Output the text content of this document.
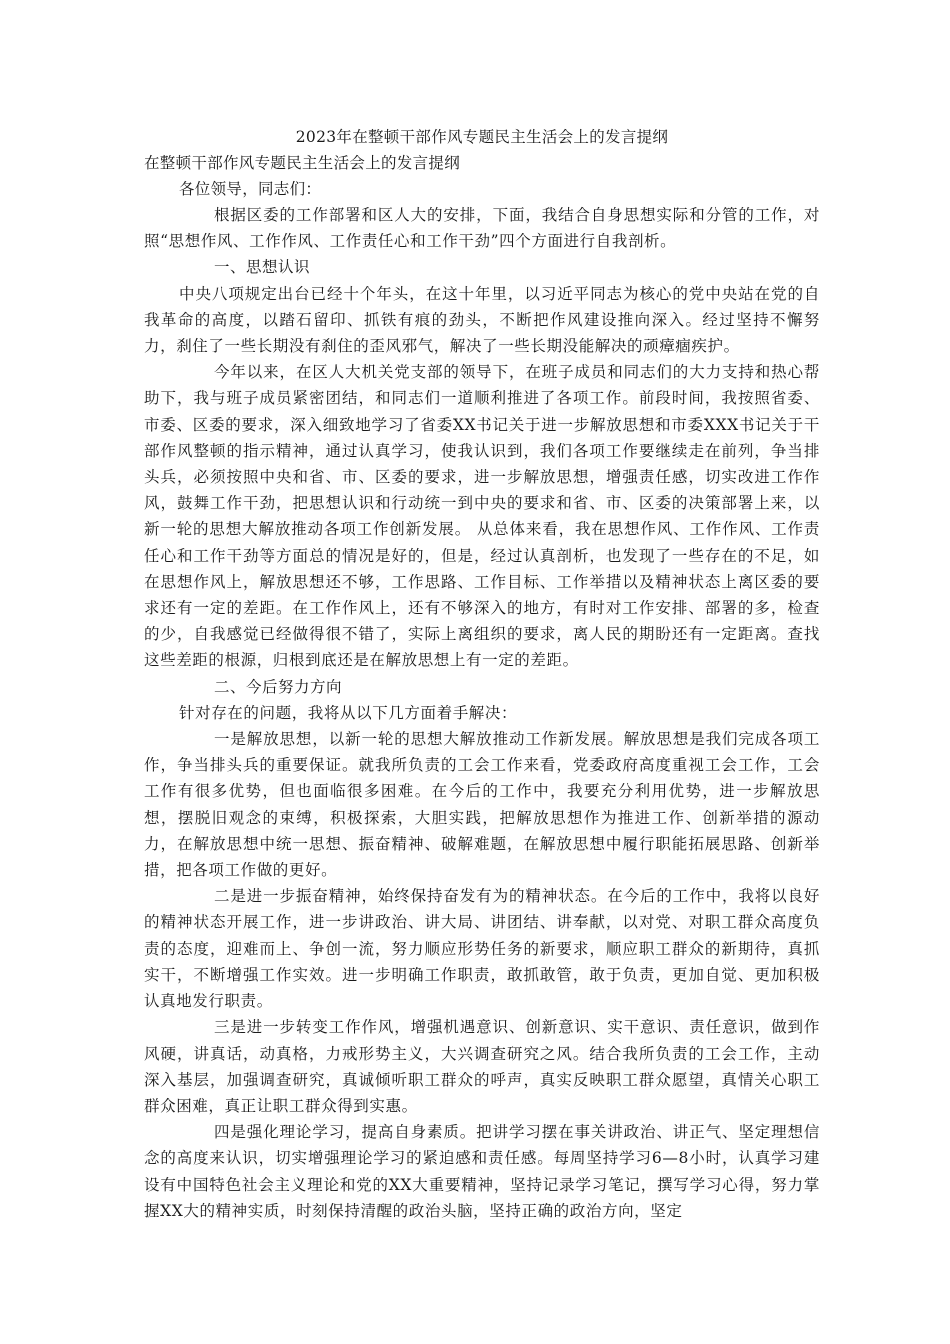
2023年在整顿干部作风专题民主生活会上的发言提纲

在整顿干部作风专题民主生活会上的发言提纲

各位领导，同志们：

根据区委的工作部署和区人大的安排，下面，我结合自身思想实际和分管的工作，对照“思想作风、工作作风、工作责任心和工作干劲”四个方面进行自我剖析。

一、思想认识

中央八项规定出台已经十个年头，在这十年里，以习近平同志为核心的党中央站在党的自我革命的高度，以踏石留印、抓铁有痕的劲头，不断把作风建设推向深入。经过坚持不懈努力，刹住了一些长期没有刹住的歪风邪气，解决了一些长期没能解决的顽瘴痼疾护。

今年以来，在区人大机关党支部的领导下，在班子成员和同志们的大力支持和热心帮助下，我与班子成员紧密团结，和同志们一道顺利推进了各项工作。前段时间，我按照省委、市委、区委的要求，深入细致地学习了省委XX书记关于进一步解放思想和市委XXX书记关于干部作风整顿的指示精神，通过认真学习，使我认识到，我们各项工作要继续走在前列，争当排头兵，必须按照中央和省、市、区委的要求，进一步解放思想，增强责任感，切实改进工作作风，鼓舞工作干劲，把思想认识和行动统一到中央的要求和省、市、区委的决策部署上来，以新一轮的思想大解放推动各项工作创新发展。 从总体来看，我在思想作风、工作作风、工作责任心和工作干劲等方面总的情况是好的，但是，经过认真剖析，也发现了一些存在的不足，如在思想作风上，解放思想还不够，工作思路、工作目标、工作举措以及精神状态上离区委的要求还有一定的差距。在工作作风上，还有不够深入的地方，有时对工作安排、部署的多，检查的少，自我感觉已经做得很不错了，实际上离组织的要求，离人民的期盼还有一定距离。查找这些差距的根源，归根到底还是在解放思想上有一定的差距。

二、今后努力方向

针对存在的问题，我将从以下几方面着手解决：

一是解放思想，以新一轮的思想大解放推动工作新发展。解放思想是我们完成各项工作，争当排头兵的重要保证。就我所负责的工会工作来看，党委政府高度重视工会工作，工会工作有很多优势，但也面临很多困难。在今后的工作中，我要充分利用优势，进一步解放思想，摆脱旧观念的束缚，积极探索，大胆实践，把解放思想作为推进工作、创新举措的源动力，在解放思想中统一思想、振奋精神、破解难题，在解放思想中履行职能拓展思路、创新举措，把各项工作做的更好。

二是进一步振奋精神，始终保持奋发有为的精神状态。在今后的工作中，我将以良好的精神状态开展工作，进一步讲政治、讲大局、讲团结、讲奉献，以对党、对职工群众高度负责的态度，迎难而上、争创一流，努力顺应形势任务的新要求，顺应职工群众的新期待，真抓实干，不断增强工作实效。进一步明确工作职责，敢抓敢管，敢于负责，更加自觉、更加积极认真地发行职责。

三是进一步转变工作作风，增强机遇意识、创新意识、实干意识、责任意识，做到作风硬，讲真话，动真格，力戒形势主义，大兴调查研究之风。结合我所负责的工会工作，主动深入基层，加强调查研究，真诚倾听职工群众的呼声，真实反映职工群众愿望，真情关心职工群众困难，真正让职工群众得到实惠。

四是强化理论学习，提高自身素质。把讲学习摆在事关讲政治、讲正气、坚定理想信念的高度来认识，切实增强理论学习的紧迫感和责任感。每周坚持学习6—8小时，认真学习建设有中国特色社会主义理论和党的XX大重要精神，坚持记录学习笔记，撰写学习心得，努力掌握XX大的精神实质，时刻保持清醒的政治头脑，坚持正确的政治方向，坚定
